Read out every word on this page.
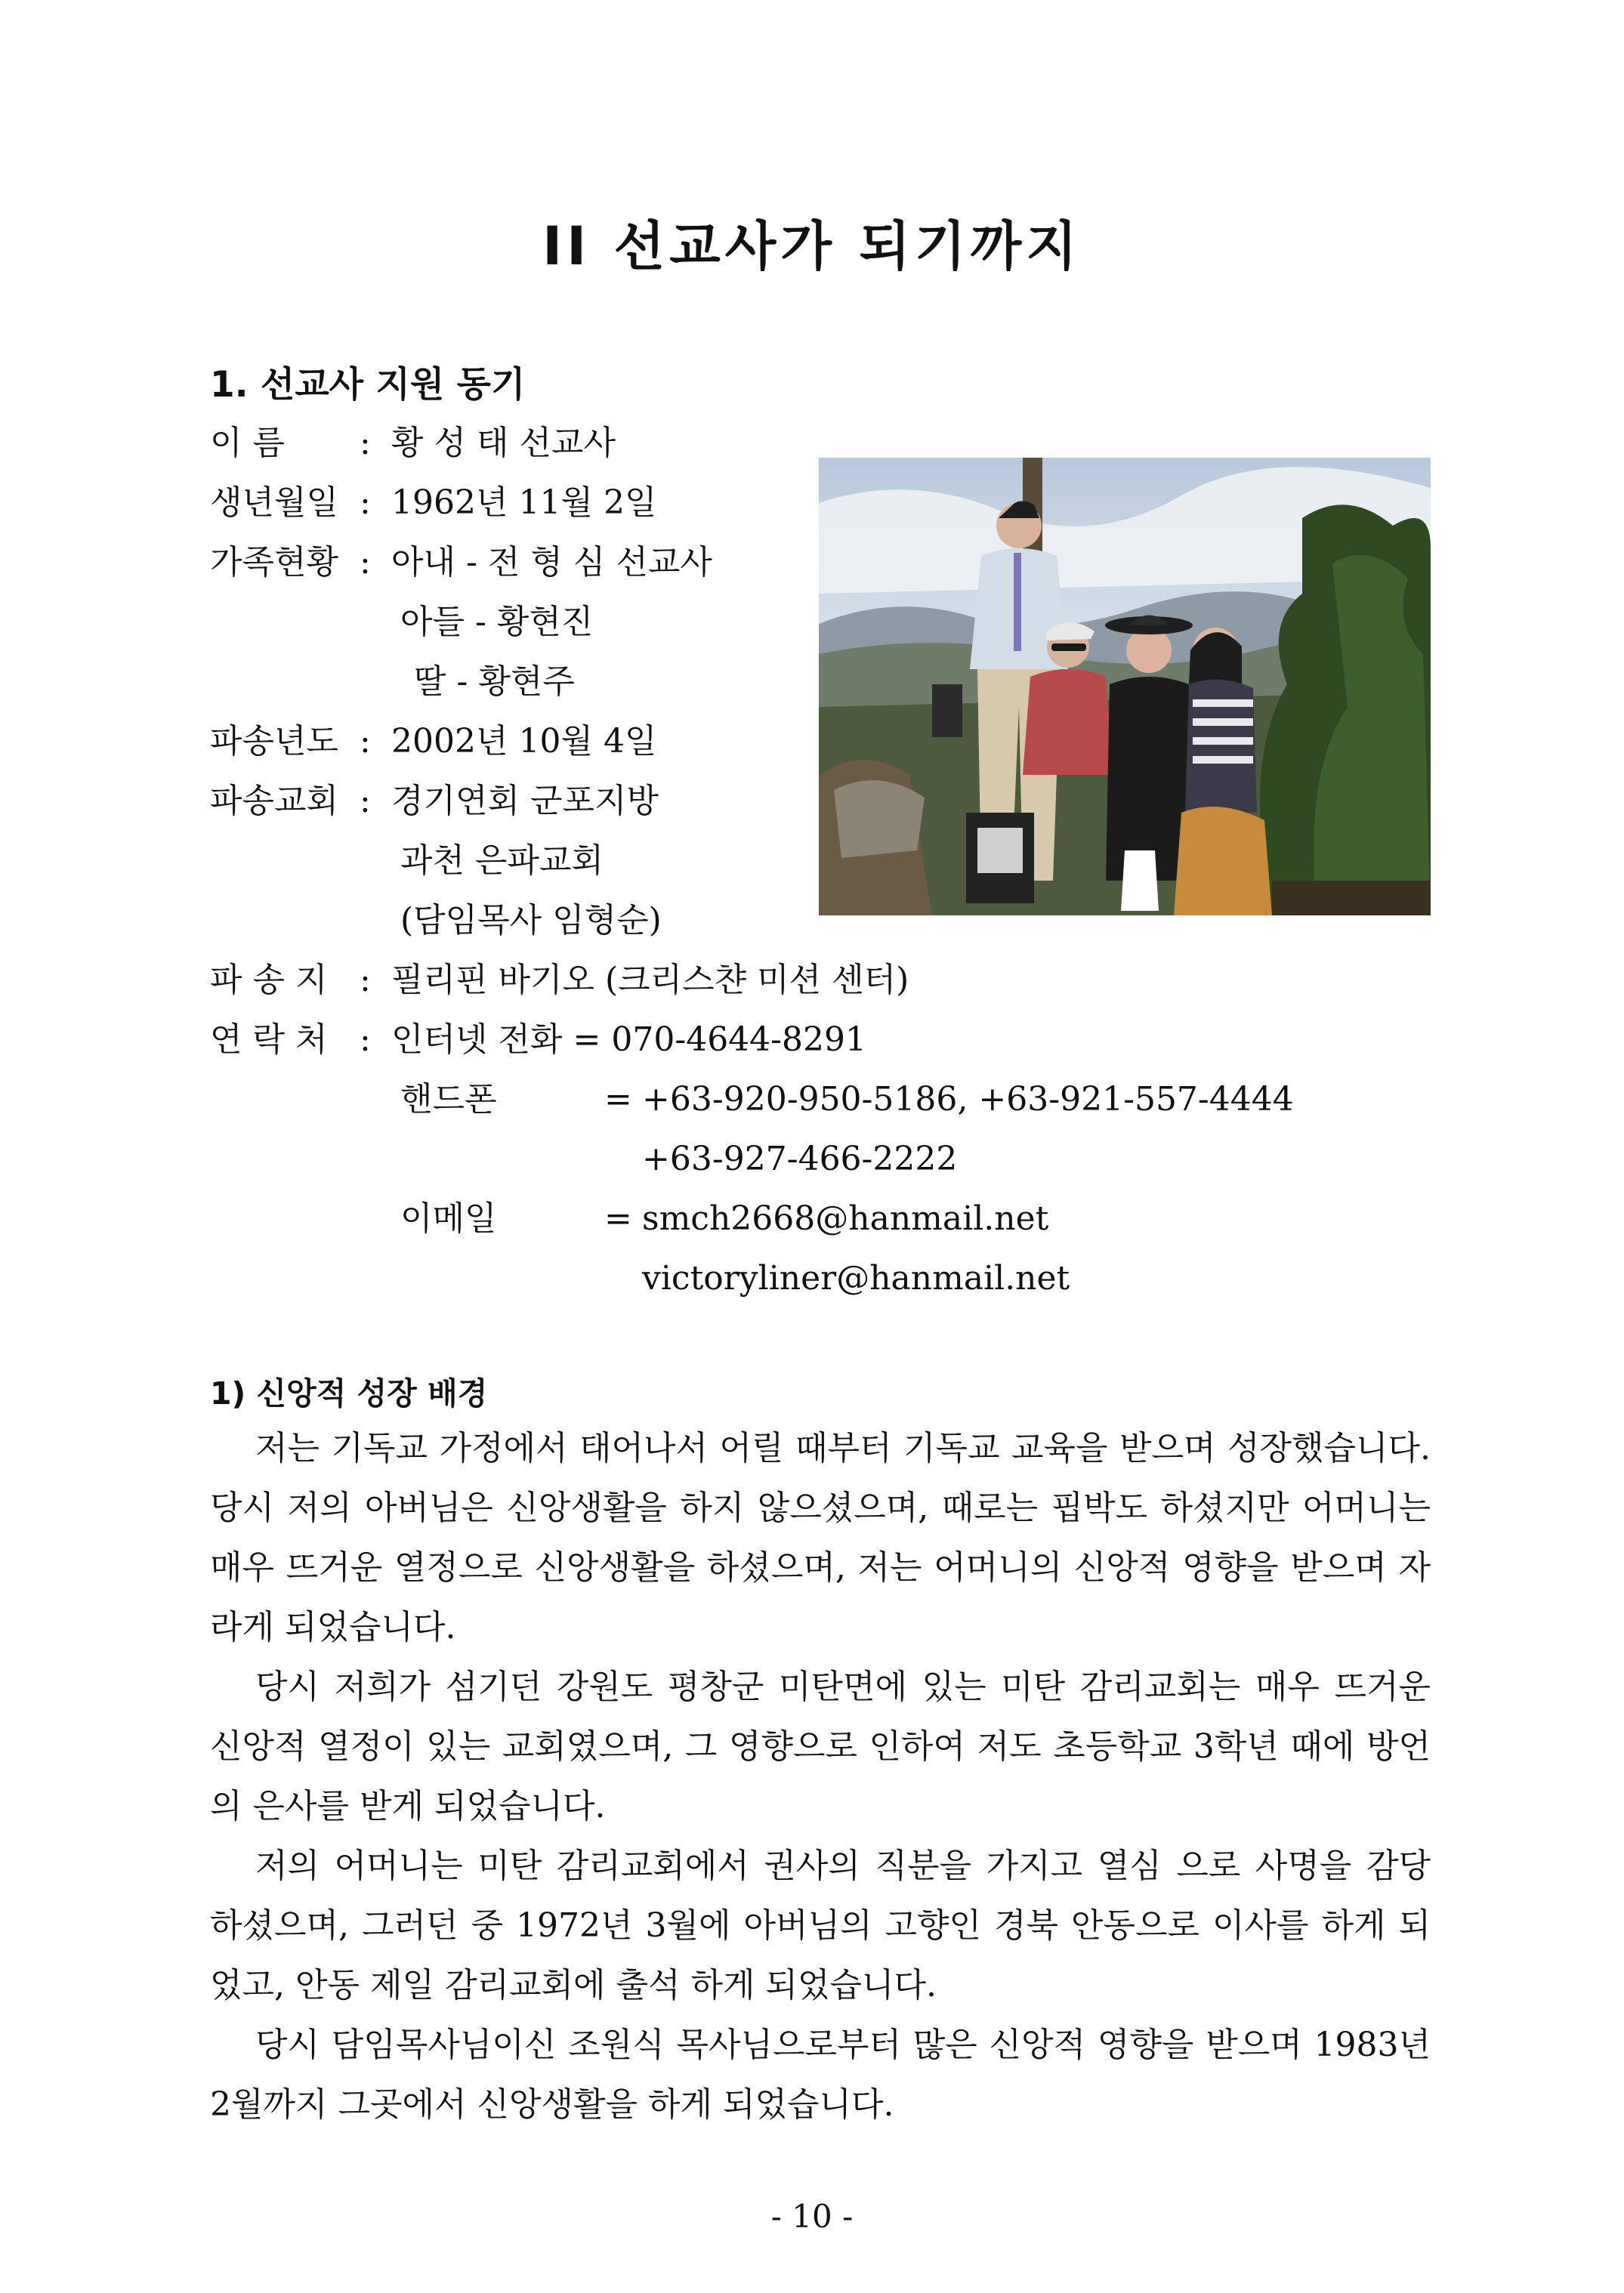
II 선교사가 되기까지
1. 선교사 지원 동기
이 름 : 황 성 태 선교사
생년월일 : 1962년 11월 2일
가족현황 : 아내 - 전 형 심 선교사
아들 - 황현진
딸 - 황현주
파송년도 : 2002년 10월 4일
파송교회 : 경기연회 군포지방
과천 은파교회
(담임목사 임형순)
파 송 지 : 필리핀 바기오 (크리스챤 미션 센터)
연 락 처 : 인터넷 전화 = 070-4644-8291
핸드폰	= +63-920-950-5186, +63-921-557-4444
+63-927-466-2222
이메일	= smch2668@hanmail.net
victoryliner@hanmail.net
1) 신앙적 성장 배경

저는 기독교 가정에서 태어나서 어릴 때부터 기독교 교육을 받으며 성장했습니다. 당시 저의 아버님은 신앙생활을 하지 않으셨으며, 때로는 핍박도 하셨지만 어머니는 매우 뜨거운 열정으로 신앙생활을 하셨으며, 저는 어머니의 신앙적 영향을 받으며 자라게 되었습니다.

당시 저희가 섬기던 강원도 평창군 미탄면에 있는 미탄 감리교회는 매우 뜨거운 신앙적 열정이 있는 교회였으며, 그 영향으로 인하여 저도 초등학교 3학년 때에 방언의 은사를 받게 되었습니다.

저의 어머니는 미탄 감리교회에서 권사의 직분을 가지고 열심 으로 사명을 감당 하셨으며, 그러던 중 1972년 3월에 아버님의 고향인 경북 안동으로 이사를 하게 되었고, 안동 제일 감리교회에 출석 하게 되었습니다.

당시 담임목사님이신 조원식 목사님으로부터 많은 신앙적 영향을 받으며 1983년 2월까지 그곳에서 신앙생활을 하게 되었습니다.

- 10 -
